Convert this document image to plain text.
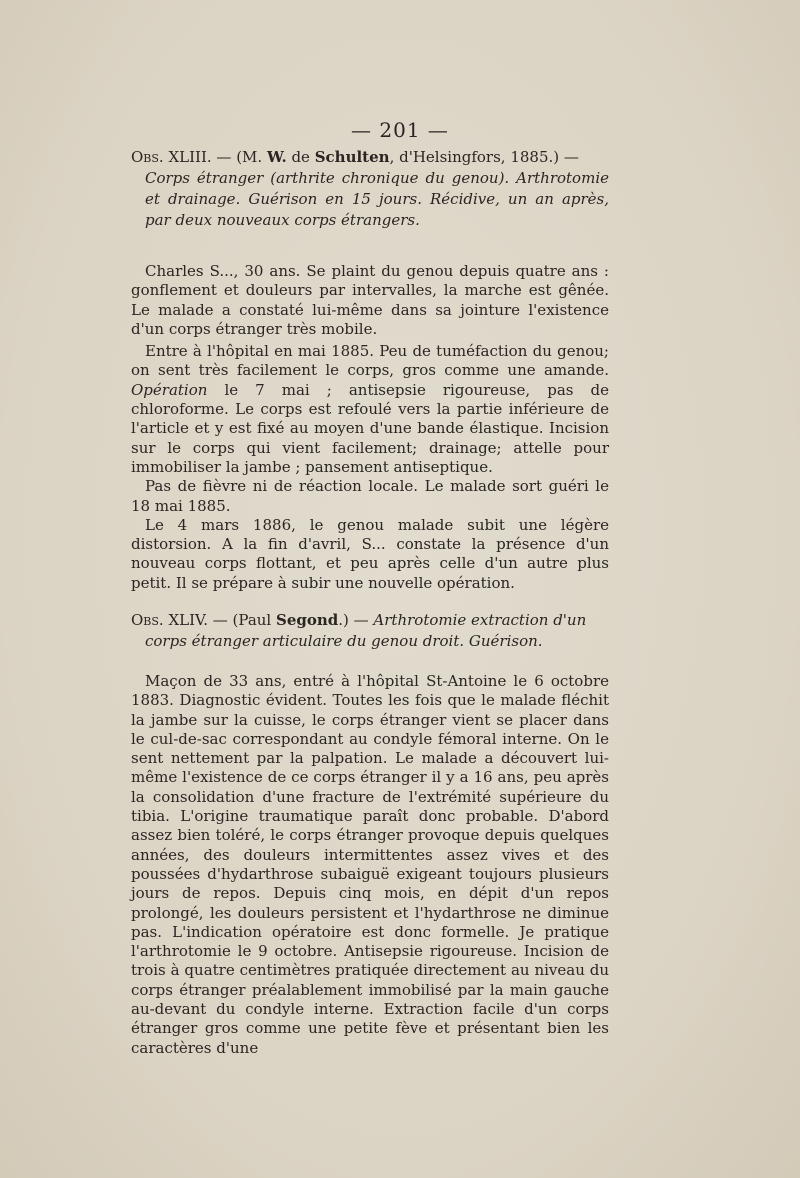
— 201 —
Obs. XLIII. — (M. W. de Schulten, d'Helsingfors, 1885.) —
Corps étranger (arthrite chronique du genou). Arthrotomie et drainage. Guérison en 15 jours. Récidive, un an après, par deux nouveaux corps étrangers.

Charles S..., 30 ans. Se plaint du genou depuis quatre ans : gonflement et douleurs par intervalles, la marche est gênée. Le malade a constaté lui-même dans sa jointure l'existence d'un corps étranger très mobile.

Entre à l'hôpital en mai 1885. Peu de tuméfaction du genou; on sent très facilement le corps, gros comme une amande. Opération le 7 mai ; antisepsie rigoureuse, pas de chloroforme. Le corps est refoulé vers la partie inférieure de l'article et y est fixé au moyen d'une bande élastique. Incision sur le corps qui vient facilement; drainage; attelle pour immobiliser la jambe ; pansement antiseptique.

Pas de fièvre ni de réaction locale. Le malade sort guéri le 18 mai 1885.

Le 4 mars 1886, le genou malade subit une légère distorsion. A la fin d'avril, S... constate la présence d'un nouveau corps flottant, et peu après celle d'un autre plus petit. Il se prépare à subir une nouvelle opération.

Obs. XLIV. — (Paul Segond.) — Arthrotomie extraction d'un
corps étranger articulaire du genou droit. Guérison.

Maçon de 33 ans, entré à l'hôpital St-Antoine le 6 octobre 1883. Diagnostic évident. Toutes les fois que le malade fléchit la jambe sur la cuisse, le corps étranger vient se placer dans le cul-de-sac correspondant au condyle fémoral interne. On le sent nettement par la palpation. Le malade a découvert lui-même l'existence de ce corps étranger il y a 16 ans, peu après la consolidation d'une fracture de l'extrémité supérieure du tibia. L'origine traumatique paraît donc probable. D'abord assez bien toléré, le corps étranger provoque depuis quelques années, des douleurs intermittentes assez vives et des poussées d'hydarthrose subaiguë exigeant toujours plusieurs jours de repos. Depuis cinq mois, en dépit d'un repos prolongé, les douleurs persistent et l'hydarthrose ne diminue pas. L'indication opératoire est donc formelle. Je pratique l'arthrotomie le 9 octobre. Antisepsie rigoureuse. Incision de trois à quatre centimètres pratiquée directement au niveau du corps étranger préalablement immobilisé par la main gauche au-devant du condyle interne. Extraction facile d'un corps étranger gros comme une petite fève et présentant bien les caractères d'une
